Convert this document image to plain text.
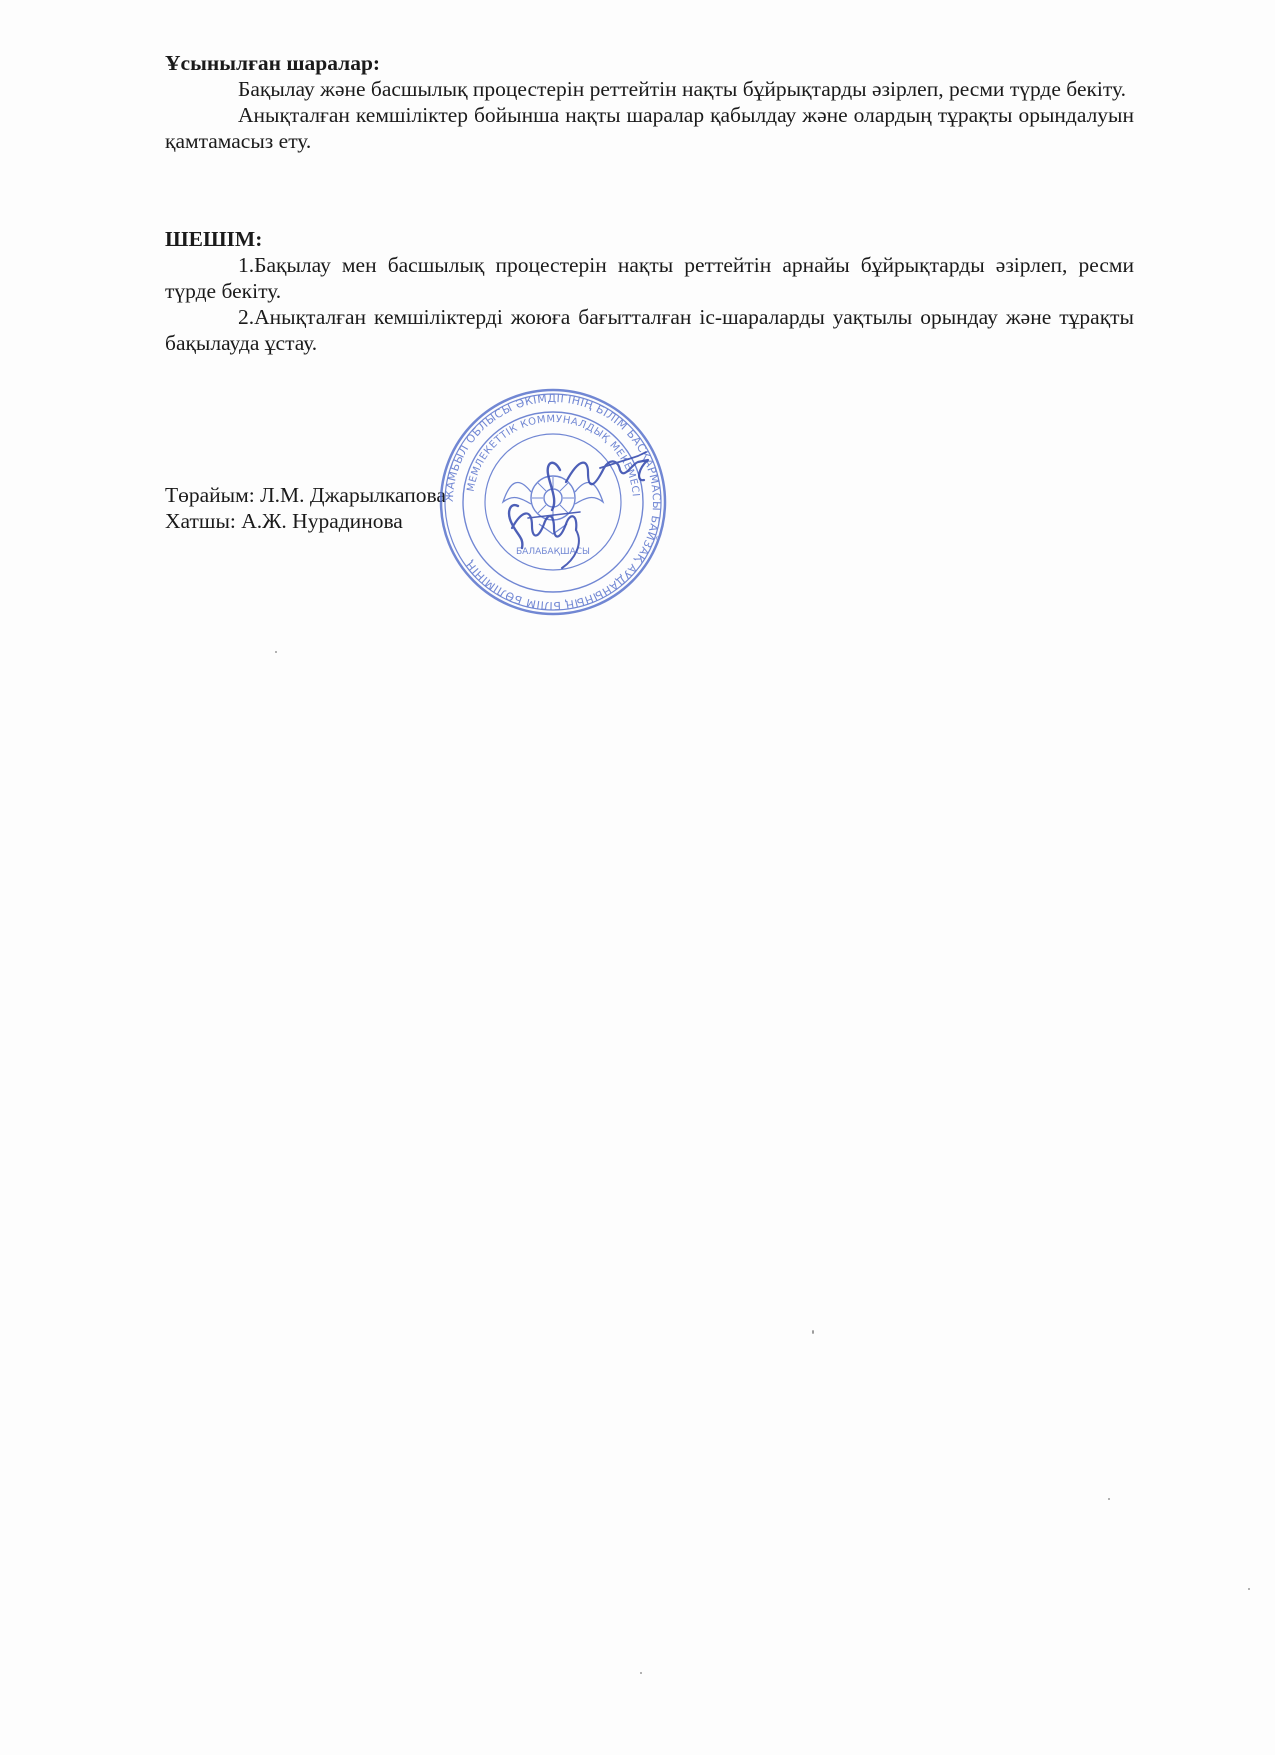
Ұсынылған шаралар:

Бақылау және басшылық процестерін реттейтін нақты бұйрықтарды әзірлеп, ресми түрде бекіту.

Анықталған кемшіліктер бойынша нақты шаралар қабылдау және олардың тұрақты орындалуын қамтамасыз ету.

ШЕШІМ:

1.Бақылау мен басшылық процестерін нақты реттейтін арнайы бұйрықтарды әзірлеп, ресми түрде бекіту.

2.Анықталған кемшіліктерді жоюға бағытталған іс-шараларды уақтылы орындау және тұрақты бақылауда ұстау.

Төрайым: Л.М. Джарылкапова

Хатшы: А.Ж. Нурадинова

ЖАМБЫЛ ОБЛЫСЫ ӘКІМДІГІНІҢ БІЛІМ БАСҚАРМАСЫ БАЙЗАҚ АУДАНЫНЫҢ БІЛІМ БӨЛІМІНІҢ
МЕМЛЕКЕТТІК КОММУНАЛДЫҚ МЕКЕМЕСІ
БАЛАБАҚШАСЫ
